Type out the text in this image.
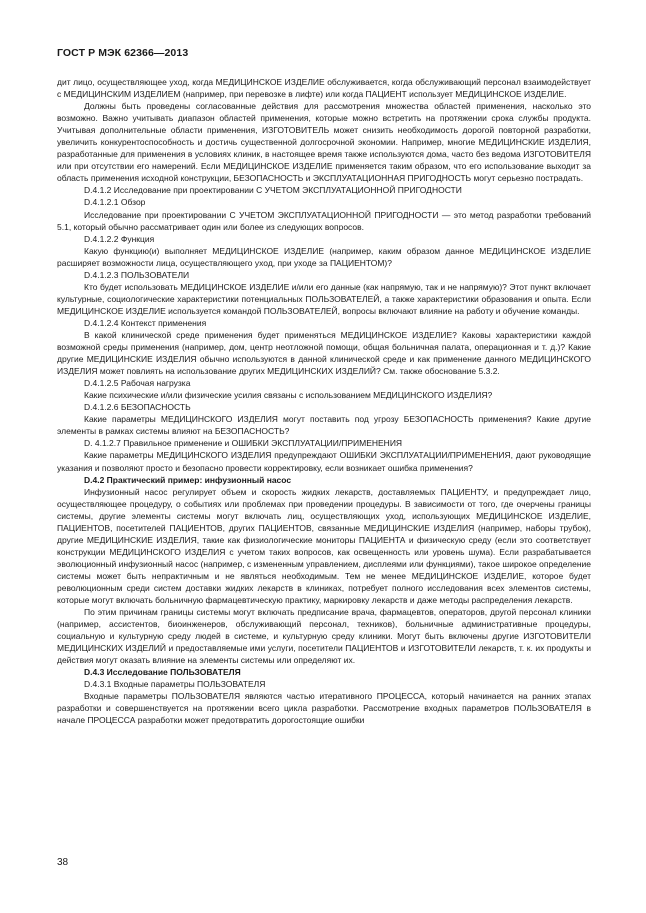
ГОСТ Р МЭК 62366—2013

дит лицо, осуществляющее уход, когда МЕДИЦИНСКОЕ ИЗДЕЛИЕ обслуживается, когда обслуживающий персонал взаимодействует с МЕДИЦИНСКИМ ИЗДЕЛИЕМ (например, при перевозке в лифте) или когда ПАЦИЕНТ использует МЕДИЦИНСКОЕ ИЗДЕЛИЕ.

Должны быть проведены согласованные действия для рассмотрения множества областей применения, насколько это возможно. Важно учитывать диапазон областей применения, которые можно встретить на протяжении срока службы продукта. Учитывая дополнительные области применения, ИЗГОТОВИТЕЛЬ может снизить необходимость дорогой повторной разработки, увеличить конкурентоспособность и достичь существенной долгосрочной экономии. Например, многие МЕДИЦИНСКИЕ ИЗДЕЛИЯ, разработанные для применения в условиях клиник, в настоящее время также используются дома, часто без ведома ИЗГОТОВИТЕЛЯ или при отсутствии его намерений. Если МЕДИЦИНСКОЕ ИЗДЕЛИЕ применяется таким образом, что его использование выходит за область применения исходной конструкции, БЕЗОПАСНОСТЬ и ЭКСПЛУАТАЦИОННАЯ ПРИГОДНОСТЬ могут серьезно пострадать.

D.4.1.2 Исследование при проектировании С УЧЕТОМ ЭКСПЛУАТАЦИОННОЙ ПРИГОДНОСТИ

D.4.1.2.1 Обзор

Исследование при проектировании С УЧЕТОМ ЭКСПЛУАТАЦИОННОЙ ПРИГОДНОСТИ — это метод разработки требований 5.1, который обычно рассматривает один или более из следующих вопросов.

D.4.1.2.2 Функция

Какую функцию(и) выполняет МЕДИЦИНСКОЕ ИЗДЕЛИЕ (например, каким образом данное МЕДИЦИНСКОЕ ИЗДЕЛИЕ расширяет возможности лица, осуществляющего уход, при уходе за ПАЦИЕНТОМ)?

D.4.1.2.3 ПОЛЬЗОВАТЕЛИ

Кто будет использовать МЕДИЦИНСКОЕ ИЗДЕЛИЕ и/или его данные (как напрямую, так и не напрямую)? Этот пункт включает культурные, социологические характеристики потенциальных ПОЛЬЗОВАТЕЛЕЙ, а также характеристики образования и опыта. Если МЕДИЦИНСКОЕ ИЗДЕЛИЕ используется командой ПОЛЬЗОВАТЕЛЕЙ, вопросы включают влияние на работу и обучение команды.

D.4.1.2.4 Контекст применения

В какой клинической среде применения будет применяться МЕДИЦИНСКОЕ ИЗДЕЛИЕ? Каковы характеристики каждой возможной среды применения (например, дом, центр неотложной помощи, общая больничная палата, операционная и т. д.)? Какие другие МЕДИЦИНСКИЕ ИЗДЕЛИЯ обычно используются в данной клинической среде и как применение данного МЕДИЦИНСКОГО ИЗДЕЛИЯ может повлиять на использование других МЕДИЦИНСКИХ ИЗДЕЛИЙ? См. также обоснование 5.3.2.

D.4.1.2.5 Рабочая нагрузка

Какие психические и/или физические усилия связаны с использованием МЕДИЦИНСКОГО ИЗДЕЛИЯ?

D.4.1.2.6 БЕЗОПАСНОСТЬ

Какие параметры МЕДИЦИНСКОГО ИЗДЕЛИЯ могут поставить под угрозу БЕЗОПАСНОСТЬ применения? Какие другие элементы в рамках системы влияют на БЕЗОПАСНОСТЬ?

D. 4.1.2.7 Правильное применение и ОШИБКИ ЭКСПЛУАТАЦИИ/ПРИМЕНЕНИЯ

Какие параметры МЕДИЦИНСКОГО ИЗДЕЛИЯ предупреждают ОШИБКИ ЭКСПЛУАТАЦИИ/ПРИМЕНЕНИЯ, дают руководящие указания и позволяют просто и безопасно провести корректировку, если возникает ошибка применения?

D.4.2 Практический пример: инфузионный насос

Инфузионный насос регулирует объем и скорость жидких лекарств, доставляемых ПАЦИЕНТУ, и предупреждает лицо, осуществляющее процедуру, о событиях или проблемах при проведении процедуры. В зависимости от того, где очерчены границы системы, другие элементы системы могут включать лиц, осуществляющих уход, использующих МЕДИЦИНСКОЕ ИЗДЕЛИЕ, ПАЦИЕНТОВ, посетителей ПАЦИЕНТОВ, других ПАЦИЕНТОВ, связанные МЕДИЦИНСКИЕ ИЗДЕЛИЯ (например, наборы трубок), другие МЕДИЦИНСКИЕ ИЗДЕЛИЯ, такие как физиологические мониторы ПАЦИЕНТА и физическую среду (если это соответствует конструкции МЕДИЦИНСКОГО ИЗДЕЛИЯ с учетом таких вопросов, как освещенность или уровень шума). Если разрабатывается эволюционный инфузионный насос (например, с измененным управлением, дисплеями или функциями), такое широкое определение системы может быть непрактичным и не являться необходимым. Тем не менее МЕДИЦИНСКОЕ ИЗДЕЛИЕ, которое будет революционным среди систем доставки жидких лекарств в клиниках, потребует полного исследования всех элементов системы, которые могут включать больничную фармацевтическую практику, маркировку лекарств и даже методы распределения лекарств.

По этим причинам границы системы могут включать предписание врача, фармацевтов, операторов, другой персонал клиники (например, ассистентов, биоинженеров, обслуживающий персонал, техников), больничные административные процедуры, социальную и культурную среду людей в системе, и культурную среду клиники. Могут быть включены другие ИЗГОТОВИТЕЛИ МЕДИЦИНСКИХ ИЗДЕЛИЙ и предоставляемые ими услуги, посетители ПАЦИЕНТОВ и ИЗГОТОВИТЕЛИ лекарств, т. к. их продукты и действия могут оказать влияние на элементы системы или определяют их.

D.4.3 Исследование ПОЛЬЗОВАТЕЛЯ

D.4.3.1 Входные параметры ПОЛЬЗОВАТЕЛЯ

Входные параметры ПОЛЬЗОВАТЕЛЯ являются частью итеративного ПРОЦЕССА, который начинается на ранних этапах разработки и совершенствуется на протяжении всего цикла разработки. Рассмотрение входных параметров ПОЛЬЗОВАТЕЛЯ в начале ПРОЦЕССА разработки может предотвратить дорогостоящие ошибки

38
